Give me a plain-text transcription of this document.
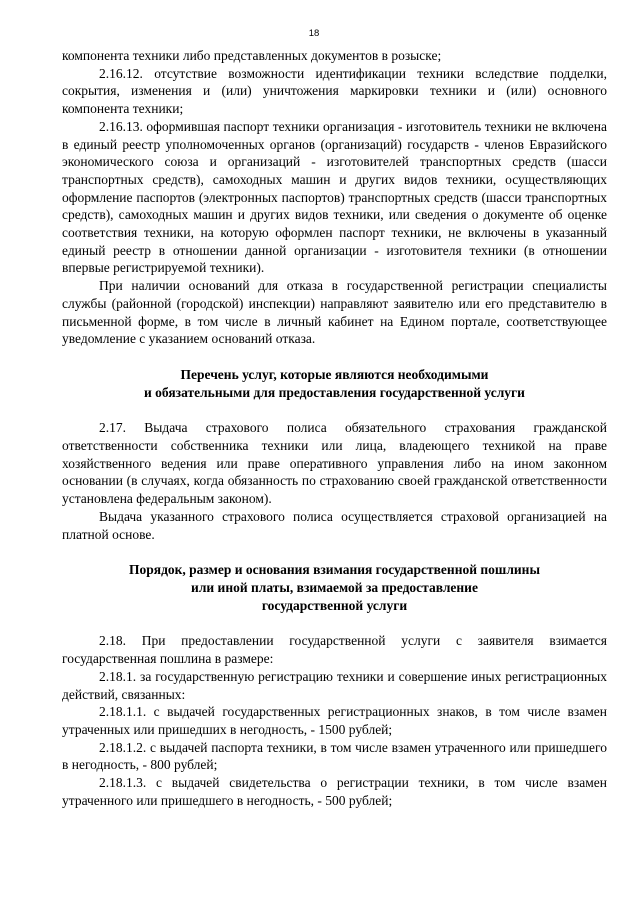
18

компонента техники либо представленных документов в розыске;

2.16.12. отсутствие возможности идентификации техники вследствие подделки, сокрытия, изменения и (или) уничтожения маркировки техники и (или) основного компонента техники;

2.16.13. оформившая паспорт техники организация - изготовитель техники не включена в единый реестр уполномоченных органов (организаций) государств - членов Евразийского экономического союза и организаций - изготовителей транспортных средств (шасси транспортных средств), самоходных машин и других видов техники, осуществляющих оформление паспортов (электронных паспортов) транспортных средств (шасси транспортных средств), самоходных машин и других видов техники, или сведения о документе об оценке соответствия техники, на которую оформлен паспорт техники, не включены в указанный единый реестр в отношении данной организации - изготовителя техники (в отношении впервые регистрируемой техники).

При наличии оснований для отказа в государственной регистрации специалисты службы (районной (городской) инспекции) направляют заявителю или его представителю в письменной форме, в том числе в личный кабинет на Едином портале, соответствующее уведомление с указанием оснований отказа.

Перечень услуг, которые являются необходимыми
и обязательными для предоставления государственной услуги

2.17. Выдача страхового полиса обязательного страхования гражданской ответственности собственника техники или лица, владеющего техникой на праве хозяйственного ведения или праве оперативного управления либо на ином законном основании (в случаях, когда обязанность по страхованию своей гражданской ответственности установлена федеральным законом).

Выдача указанного страхового полиса осуществляется страховой организацией на платной основе.

Порядок, размер и основания взимания государственной пошлины
или иной платы, взимаемой за предоставление
государственной услуги

2.18. При предоставлении государственной услуги с заявителя взимается государственная пошлина в размере:

2.18.1. за государственную регистрацию техники и совершение иных регистрационных действий, связанных:

2.18.1.1. с выдачей государственных регистрационных знаков, в том числе взамен утраченных или пришедших в негодность, - 1500 рублей;

2.18.1.2. с выдачей паспорта техники, в том числе взамен утраченного или пришедшего в негодность, - 800 рублей;

2.18.1.3. с выдачей свидетельства о регистрации техники, в том числе взамен утраченного или пришедшего в негодность, - 500 рублей;
